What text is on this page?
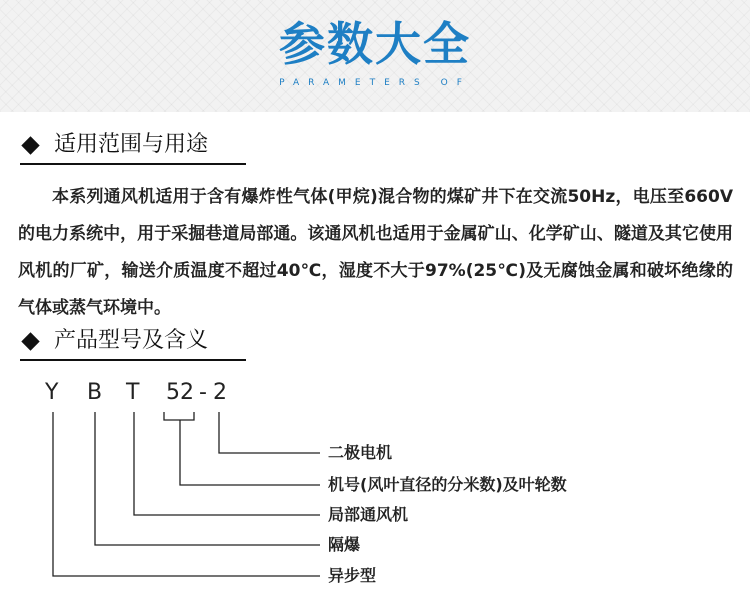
参数大全
PARAMETERS OF
适用范围与用途

本系列通风机适用于含有爆炸性气体(甲烷)混合物的煤矿井下在交流50Hz，电压至660V的电力系统中，用于采掘巷道局部通。该通风机也适用于金属矿山、化学矿山、隧道及其它使用风机的厂矿，输送介质温度不超过40℃，湿度不大于97%(25℃)及无腐蚀金属和破坏绝缘的气体或蒸气环境中。

产品型号及含义
Y B T 52 - 2
二极电机
机号(风叶直径的分米数)及叶轮数
局部通风机
隔爆
异步型
